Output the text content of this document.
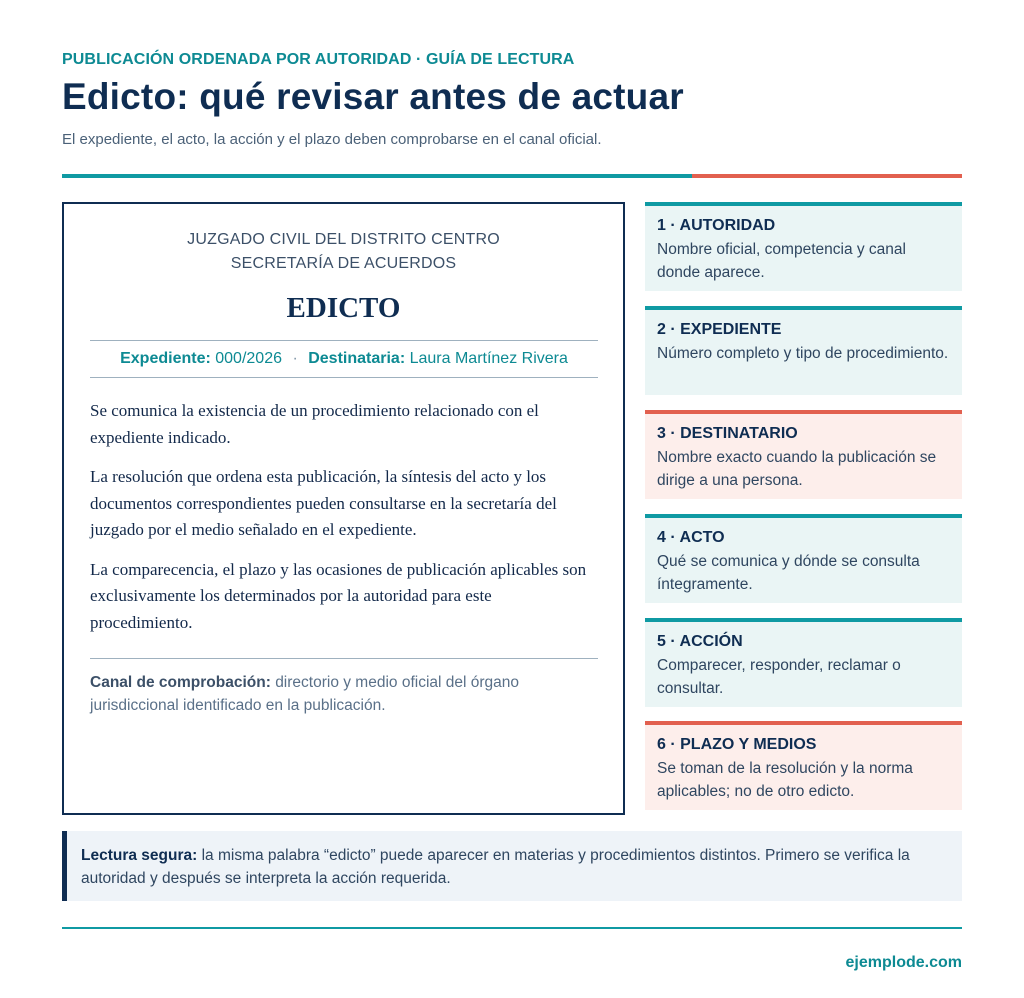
PUBLICACIÓN ORDENADA POR AUTORIDAD · GUÍA DE LECTURA
Edicto: qué revisar antes de actuar
El expediente, el acto, la acción y el plazo deben comprobarse en el canal oficial.
JUZGADO CIVIL DEL DISTRITO CENTRO
SECRETARÍA DE ACUERDOS
EDICTO
Expediente: 000/2026 · Destinataria: Laura Martínez Rivera

Se comunica la existencia de un procedimiento relacionado con el expediente indicado.

La resolución que ordena esta publicación, la síntesis del acto y los documentos correspondientes pueden consultarse en la secretaría del juzgado por el medio señalado en el expediente.

La comparecencia, el plazo y las ocasiones de publicación aplicables son exclusivamente los determinados por la autoridad para este procedimiento.

Canal de comprobación: directorio y medio oficial del órgano jurisdiccional identificado en la publicación.
1 · AUTORIDAD
Nombre oficial, competencia y canal donde aparece.
2 · EXPEDIENTE
Número completo y tipo de procedimiento.
3 · DESTINATARIO
Nombre exacto cuando la publicación se dirige a una persona.
4 · ACTO
Qué se comunica y dónde se consulta íntegramente.
5 · ACCIÓN
Comparecer, responder, reclamar o consultar.
6 · PLAZO Y MEDIOS
Se toman de la resolución y la norma aplicables; no de otro edicto.
Lectura segura: la misma palabra “edicto” puede aparecer en materias y procedimientos distintos. Primero se verifica la autoridad y después se interpreta la acción requerida.
ejemplode.com
